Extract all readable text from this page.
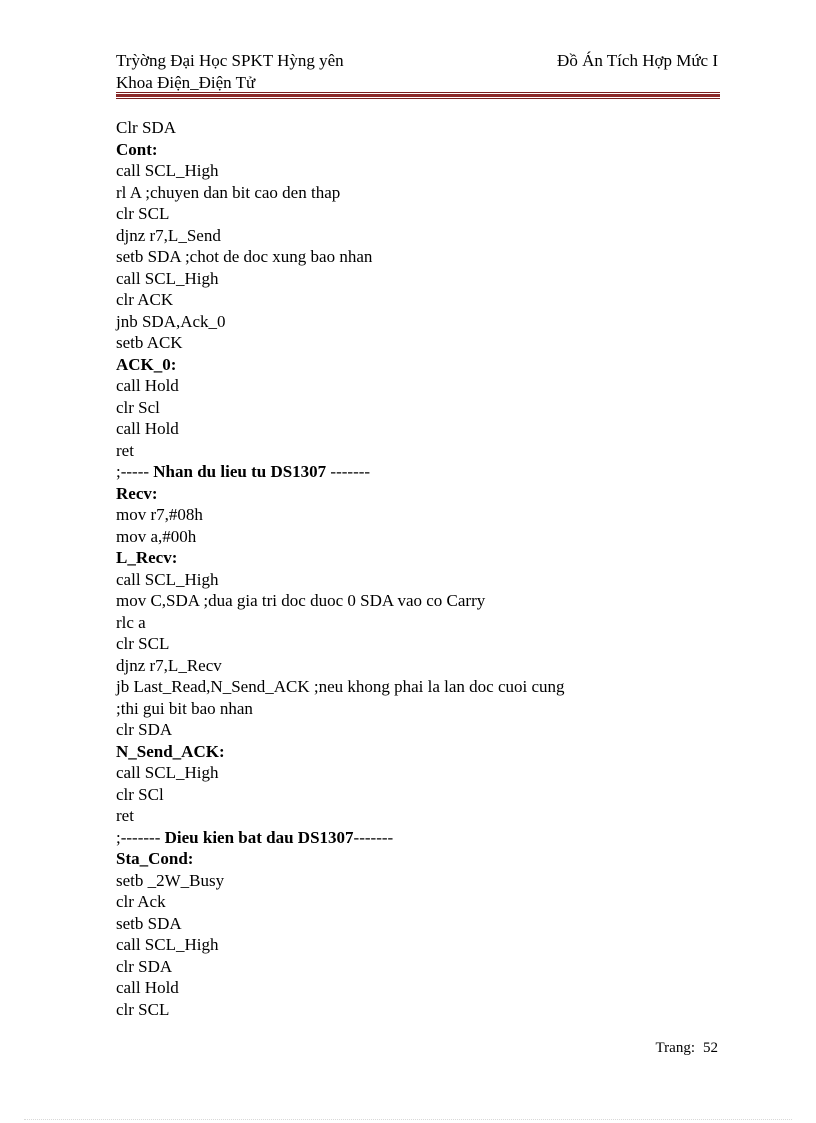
Trỳờng Đại Học SPKT Hỳng yên
Khoa Điện_Điện Tử
Đồ Án Tích Hợp Mức I
Clr SDA
Cont:
call SCL_High
rl A ;chuyen dan bit cao den thap
clr SCL
djnz r7,L_Send
setb SDA ;chot de doc xung bao nhan
call SCL_High
clr ACK
jnb SDA,Ack_0
setb ACK
ACK_0:
call Hold
clr Scl
call Hold
ret
;----- Nhan du lieu tu DS1307 -------
Recv:
mov r7,#08h
mov a,#00h
L_Recv:
call SCL_High
mov C,SDA ;dua gia tri doc duoc 0 SDA vao co Carry
rlc a
clr SCL
djnz r7,L_Recv
jb Last_Read,N_Send_ACK ;neu khong phai la lan doc cuoi cung
;thi gui bit bao nhan
clr SDA
N_Send_ACK:
call SCL_High
clr SCl
ret
;------- Dieu kien bat dau DS1307-------
Sta_Cond:
setb _2W_Busy
clr Ack
setb SDA
call SCL_High
clr SDA
call Hold
clr SCL
Trang: 52
